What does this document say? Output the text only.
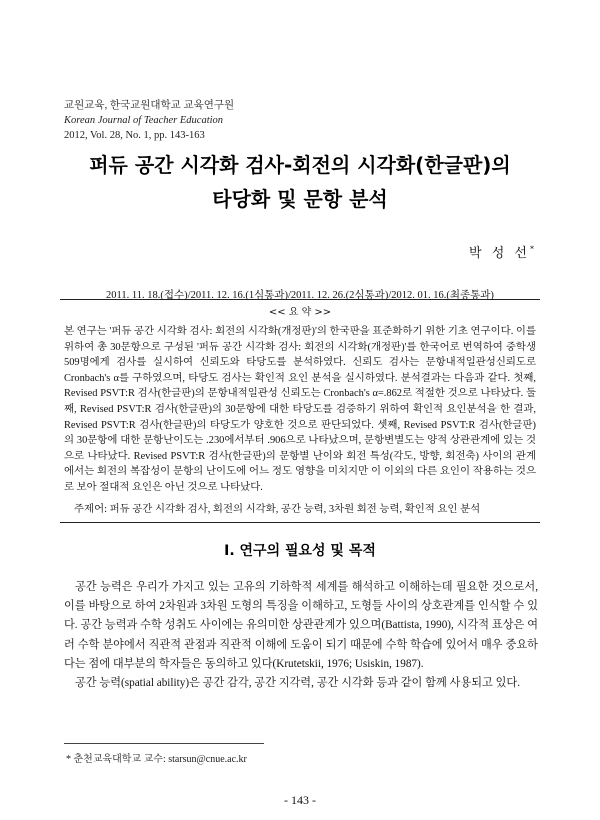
교원교육, 한국교원대학교 교육연구원
Korean Journal of Teacher Education
2012, Vol. 28, No. 1, pp. 143-163
퍼듀 공간 시각화 검사-회전의 시각화(한글판)의
타당화 및 문항 분석
박 성 선*
2011. 11. 18.(접수)/2011. 12. 16.(1심통과)/2011. 12. 26.(2심통과)/2012. 01. 16.(최종통과)
<< 요 약 >>
본 연구는 '퍼듀 공간 시각화 검사: 회전의 시각화(개정판)'의 한국판을 표준화하기 위한 기초 연구이다. 이를 위하여 총 30문항으로 구성된 '퍼듀 공간 시각화 검사: 회전의 시각화(개정판)'를 한국어로 번역하여 중학생 509명에게 검사를 실시하여 신뢰도와 타당도를 분석하였다. 신뢰도 검사는 문항내적일관성신뢰도로 Cronbach's α를 구하였으며, 타당도 검사는 확인적 요인 분석을 실시하였다. 분석결과는 다음과 같다. 첫째, Revised PSVT:R 검사(한글판)의 문항내적일관성 신뢰도는 Cronbach's α=.862로 적절한 것으로 나타났다. 둘째, Revised PSVT:R 검사(한글판)의 30문항에 대한 타당도를 검증하기 위하여 확인적 요인분석을 한 결과, Revised PSVT:R 검사(한글판)의 타당도가 양호한 것으로 판단되었다. 셋째, Revised PSVT:R 검사(한글판)의 30문항에 대한 문항난이도는 .230에서부터 .906으로 나타났으며, 문항변별도는 양적 상관관계에 있는 것으로 나타났다. Revised PSVT:R 검사(한글판)의 문항별 난이와 회전 특성(각도, 방향, 회전축) 사이의 관계에서는 회전의 복잡성이 문항의 난이도에 어느 정도 영향을 미치지만 이 이외의 다른 요인이 작용하는 것으로 보아 절대적 요인은 아닌 것으로 나타났다.
주제어: 퍼듀 공간 시각화 검사, 회전의 시각화, 공간 능력, 3차원 회전 능력, 확인적 요인 분석
Ⅰ. 연구의 필요성 및 목적

공간 능력은 우리가 가지고 있는 고유의 기하학적 세계를 해석하고 이해하는데 필요한 것으로서, 이를 바탕으로 하여 2차원과 3차원 도형의 특징을 이해하고, 도형들 사이의 상호관계를 인식할 수 있다. 공간 능력과 수학 성취도 사이에는 유의미한 상관관계가 있으며(Battista, 1990), 시각적 표상은 여러 수학 분야에서 직관적 관점과 직관적 이해에 도움이 되기 때문에 수학 학습에 있어서 매우 중요하다는 점에 대부분의 학자들은 동의하고 있다(Krutetskii, 1976; Usiskin, 1987).

공간 능력(spatial ability)은 공간 감각, 공간 지각력, 공간 시각화 등과 같이 함께 사용되고 있다.

* 춘천교육대학교 교수: starsun@cnue.ac.kr
- 143 -
